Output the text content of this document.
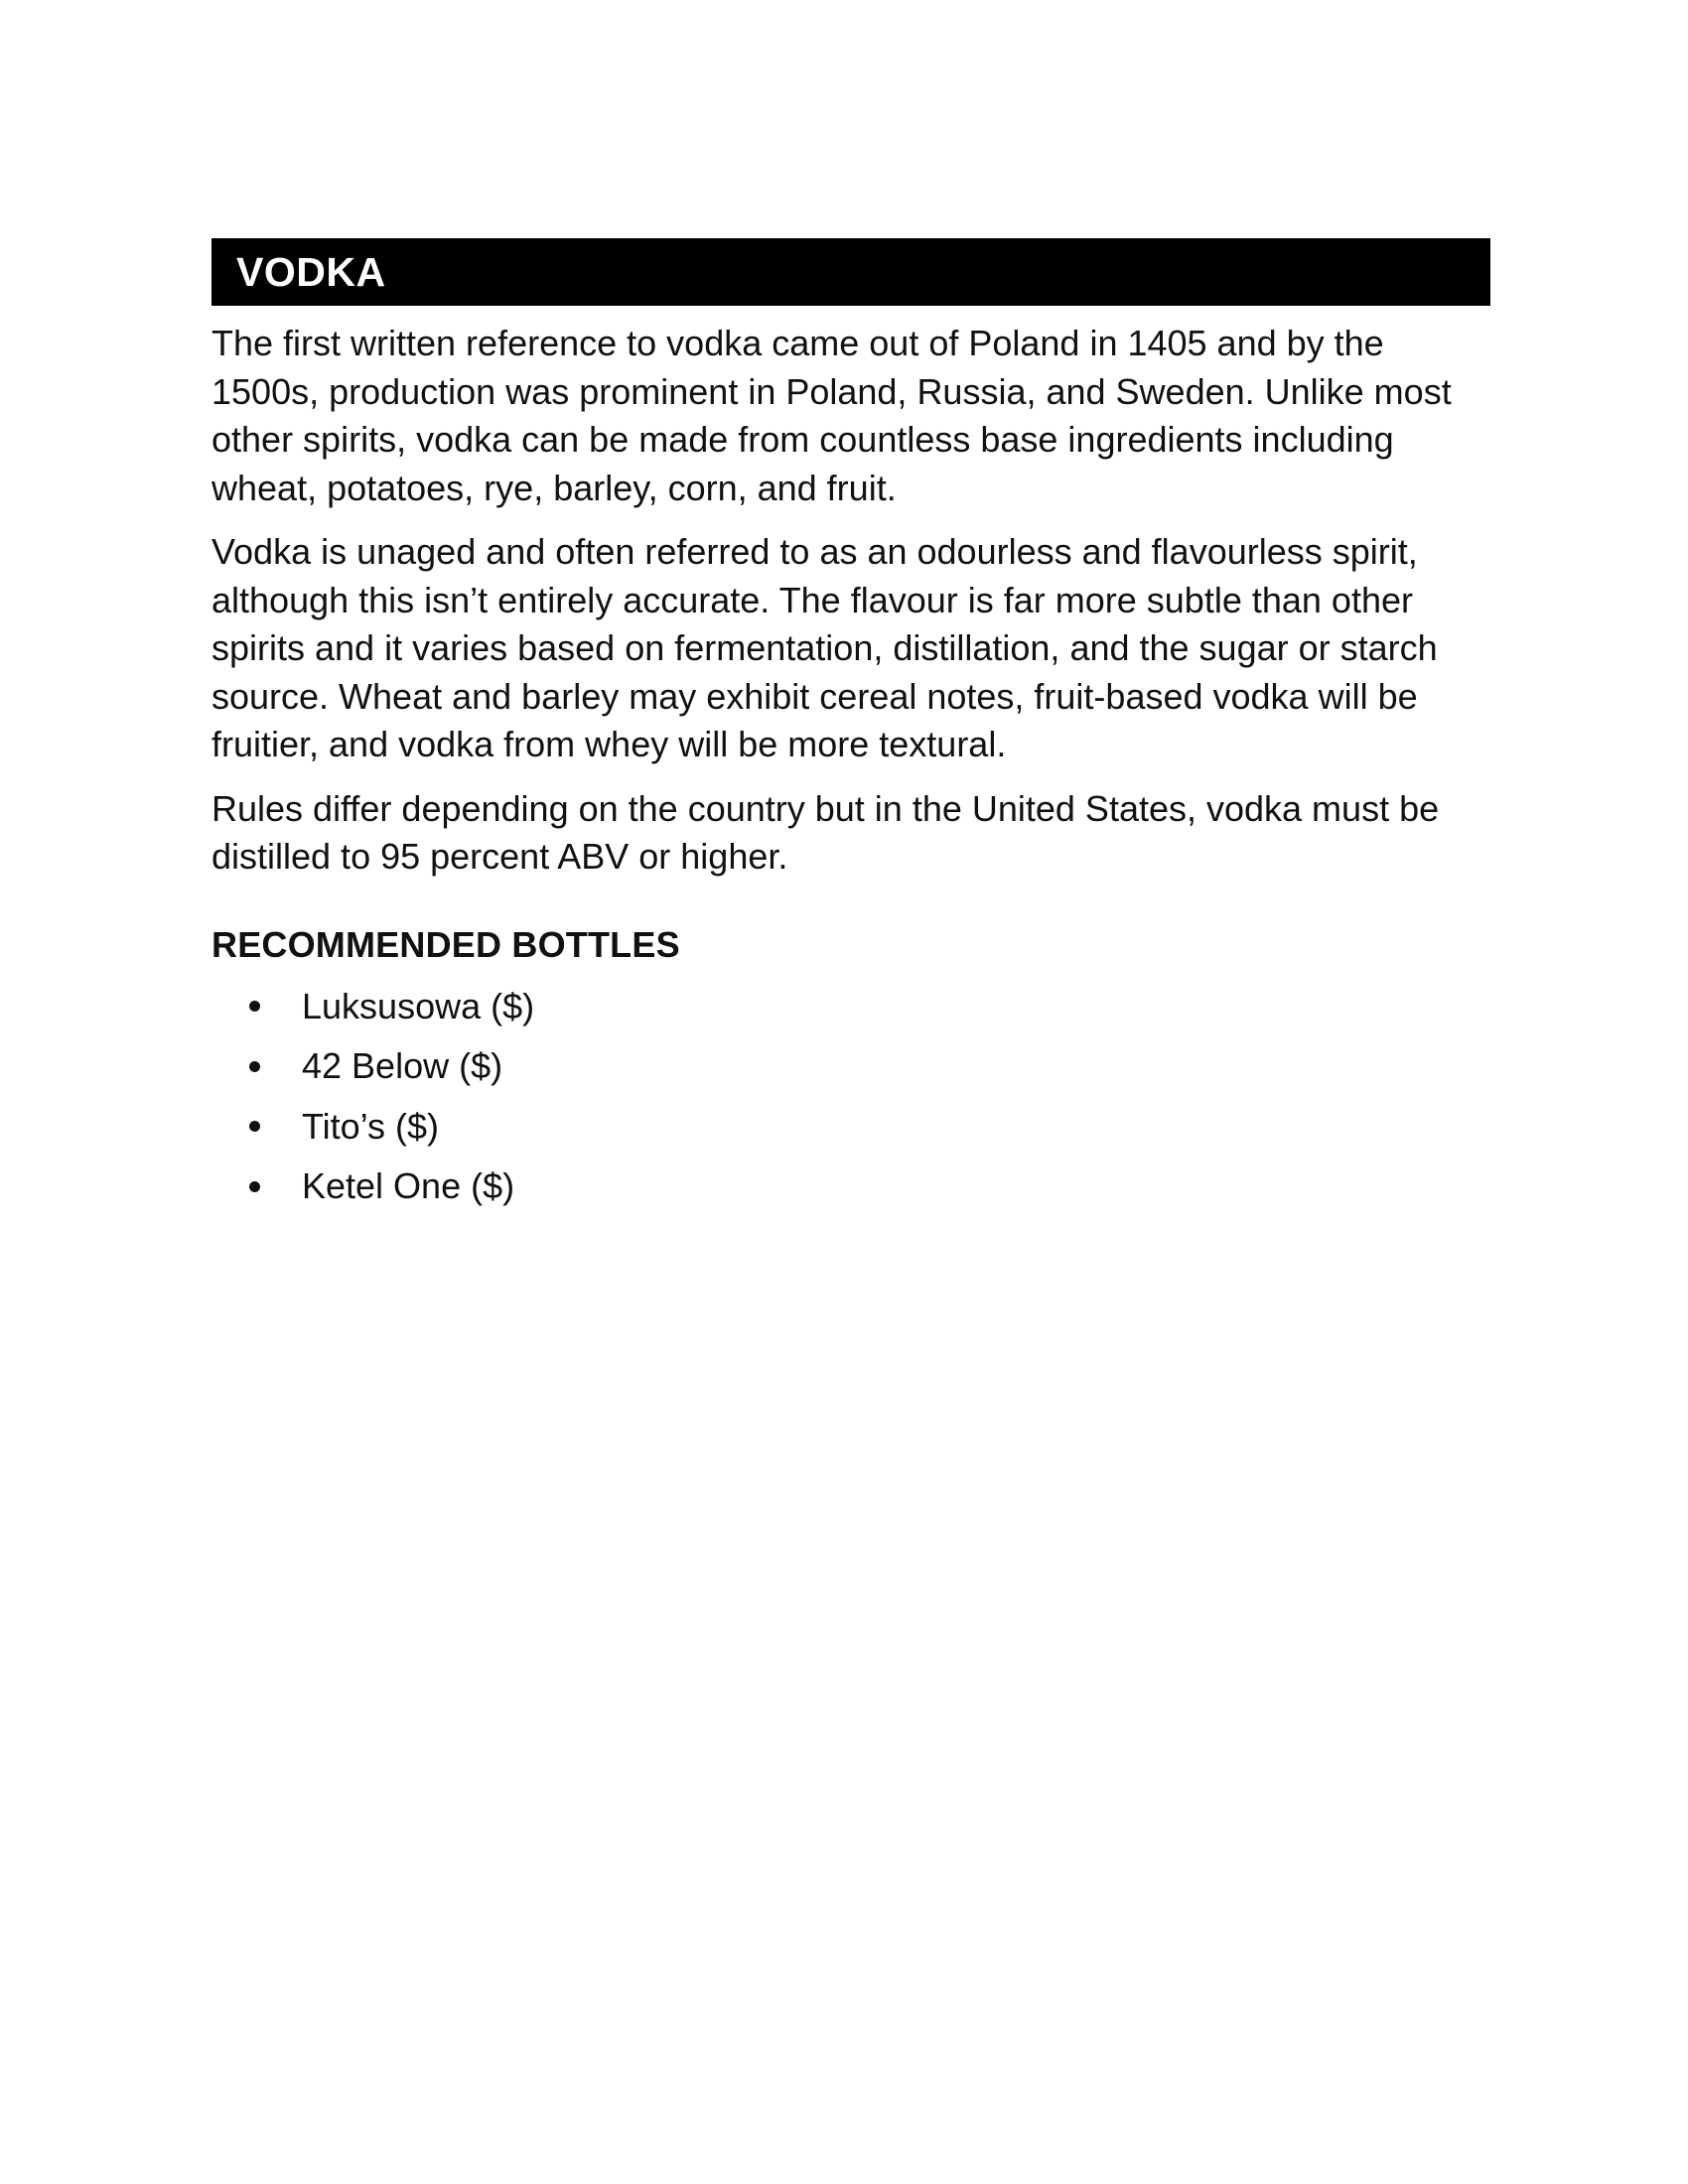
VODKA

The first written reference to vodka came out of Poland in 1405 and by the 1500s, production was prominent in Poland, Russia, and Sweden. Unlike most other spirits, vodka can be made from countless base ingredients including wheat, potatoes, rye, barley, corn, and fruit.

Vodka is unaged and often referred to as an odourless and flavourless spirit, although this isn’t entirely accurate. The flavour is far more subtle than other spirits and it varies based on fermentation, distillation, and the sugar or starch source. Wheat and barley may exhibit cereal notes, fruit-based vodka will be fruitier, and vodka from whey will be more textural.

Rules differ depending on the country but in the United States, vodka must be distilled to 95 percent ABV or higher.

RECOMMENDED BOTTLES
Luksusowa ($)
42 Below ($)
Tito’s ($)
Ketel One ($)
